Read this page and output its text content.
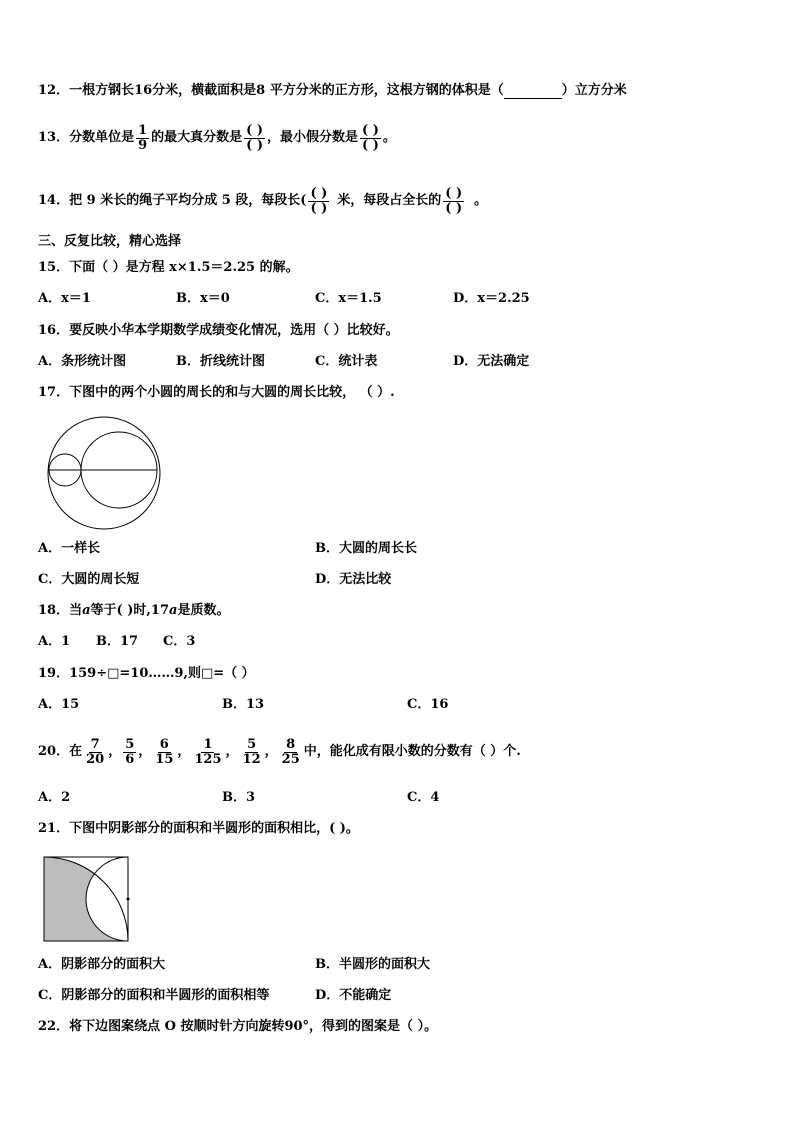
12．一根方钢长16分米，横截面积是8 平方分米的正方形，这根方钢的体积是（	）立方分米
13． 分数单位是 $\frac{1}{9}$ 的最大真分数是 $\frac{( )}{( )}$ ，最小假分数是 $\frac{( )}{( )}$ 。
14． 把 9 米长的绳子平均分成 5 段，每段长( $\frac{( )}{( )}$ 米，每段占全长的 $\frac{( )}{( )}$ 。
三、反复比较，精心选择
15．下面（ ）是方程 x×1.5＝2.25 的解。
A．x＝1	B．x＝0	C．x＝1.5	D．x＝2.25
16．要反映小华本学期数学成绩变化情况，选用（ ）比较好。
A．条形统计图	B．折线统计图	C．统计表	D．无法确定
17．下图中的两个小圆的周长的和与大圆的周长比较， （ ）.
A．一样长	B．大圆的周长长
C．大圆的周长短	D．无法比较
18．当a等于( )时,17a是质数。
A．1 B．17 C．3
19．159÷□=10……9,则□=（ ）
A．15	B．13	C．16
20． 在 $\frac{7}{20}$ ， $\frac{5}{6}$ ， $\frac{6}{15}$ ， $\frac{1}{125}$ ， $\frac{5}{12}$ ， $\frac{8}{25}$ 中，能化成有限小数的分数有（ ）个.
A．2	B．3	C．4
21．下图中阴影部分的面积和半圆形的面积相比，( )。
A．阴影部分的面积大	B．半圆形的面积大
C．阴影部分的面积和半圆形的面积相等	D．不能确定
22．将下边图案绕点 O 按顺时针方向旋转90°，得到的图案是（ ）。
